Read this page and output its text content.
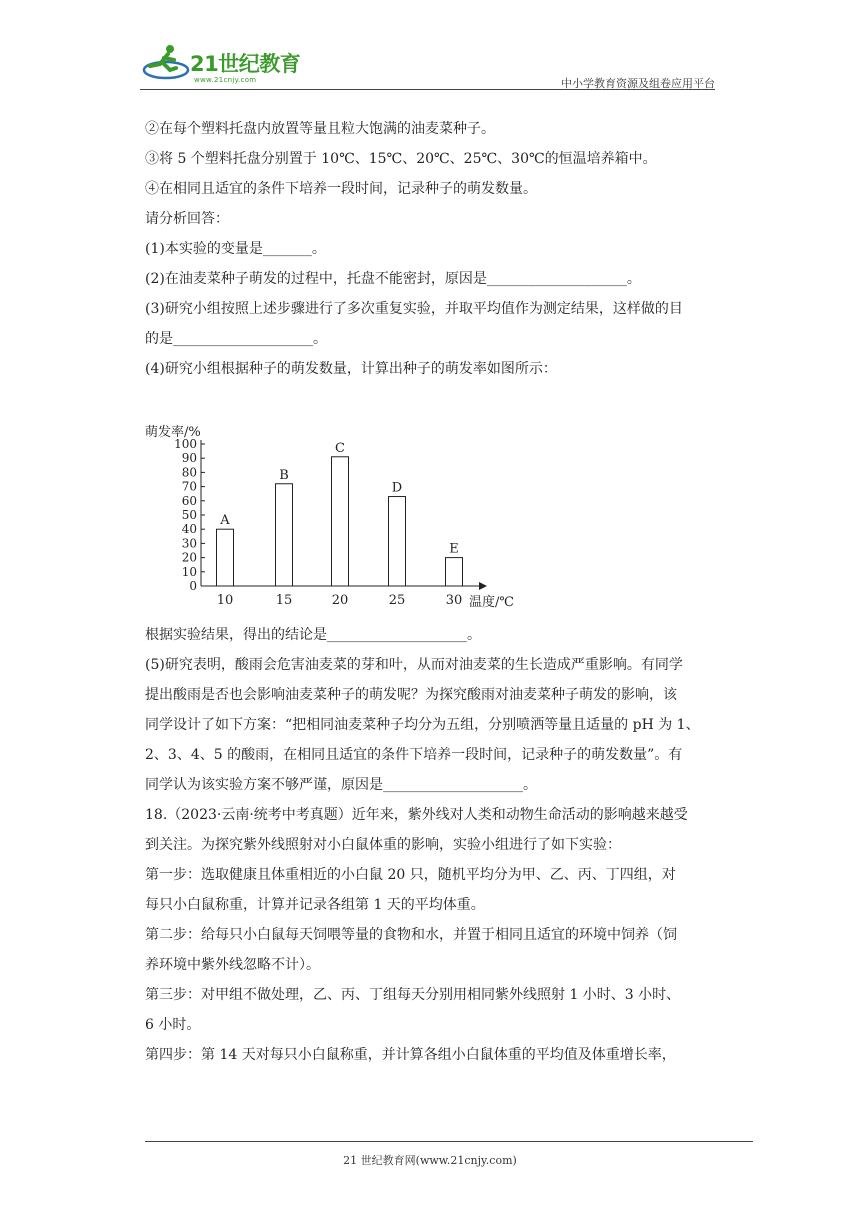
21世纪教育
www.21cnjy.com	中小学教育资源及组卷应用平台

②在每个塑料托盘内放置等量且粒大饱满的油麦菜种子。

③将 5 个塑料托盘分别置于 10℃、15℃、20℃、25℃、30℃的恒温培养箱中。

④在相同且适宜的条件下培养一段时间，记录种子的萌发数量。

请分析回答：

(1)本实验的变量是_______。

(2)在油麦菜种子萌发的过程中，托盘不能密封，原因是____________________。

(3)研究小组按照上述步骤进行了多次重复实验，并取平均值作为测定结果，这样做的目

的是____________________。

(4)研究小组根据种子的萌发数量，计算出种子的萌发率如图所示：

萌发率/%
0
10
20
30
40
50
60
70
80
90
100
A
10
B
15
C
20
D
25
E
30 温度/℃

根据实验结果，得出的结论是____________________。

(5)研究表明，酸雨会危害油麦菜的芽和叶，从而对油麦菜的生长造成严重影响。有同学

提出酸雨是否也会影响油麦菜种子的萌发呢？为探究酸雨对油麦菜种子萌发的影响，该

同学设计了如下方案：“把相同油麦菜种子均分为五组，分别喷洒等量且适量的 pH 为 1、

2、3、4、5 的酸雨，在相同且适宜的条件下培养一段时间，记录种子的萌发数量”。有

同学认为该实验方案不够严谨，原因是____________________。

18.（2023·云南·统考中考真题）近年来，紫外线对人类和动物生命活动的影响越来越受

到关注。为探究紫外线照射对小白鼠体重的影响，实验小组进行了如下实验：

第一步：选取健康且体重相近的小白鼠 20 只，随机平均分为甲、乙、丙、丁四组，对

每只小白鼠称重，计算并记录各组第 1 天的平均体重。

第二步：给每只小白鼠每天饲喂等量的食物和水，并置于相同且适宜的环境中饲养（饲

养环境中紫外线忽略不计）。

第三步：对甲组不做处理，乙、丙、丁组每天分别用相同紫外线照射 1 小时、3 小时、

6 小时。

第四步：第 14 天对每只小白鼠称重，并计算各组小白鼠体重的平均值及体重增长率，

21 世纪教育网(www.21cnjy.com)
